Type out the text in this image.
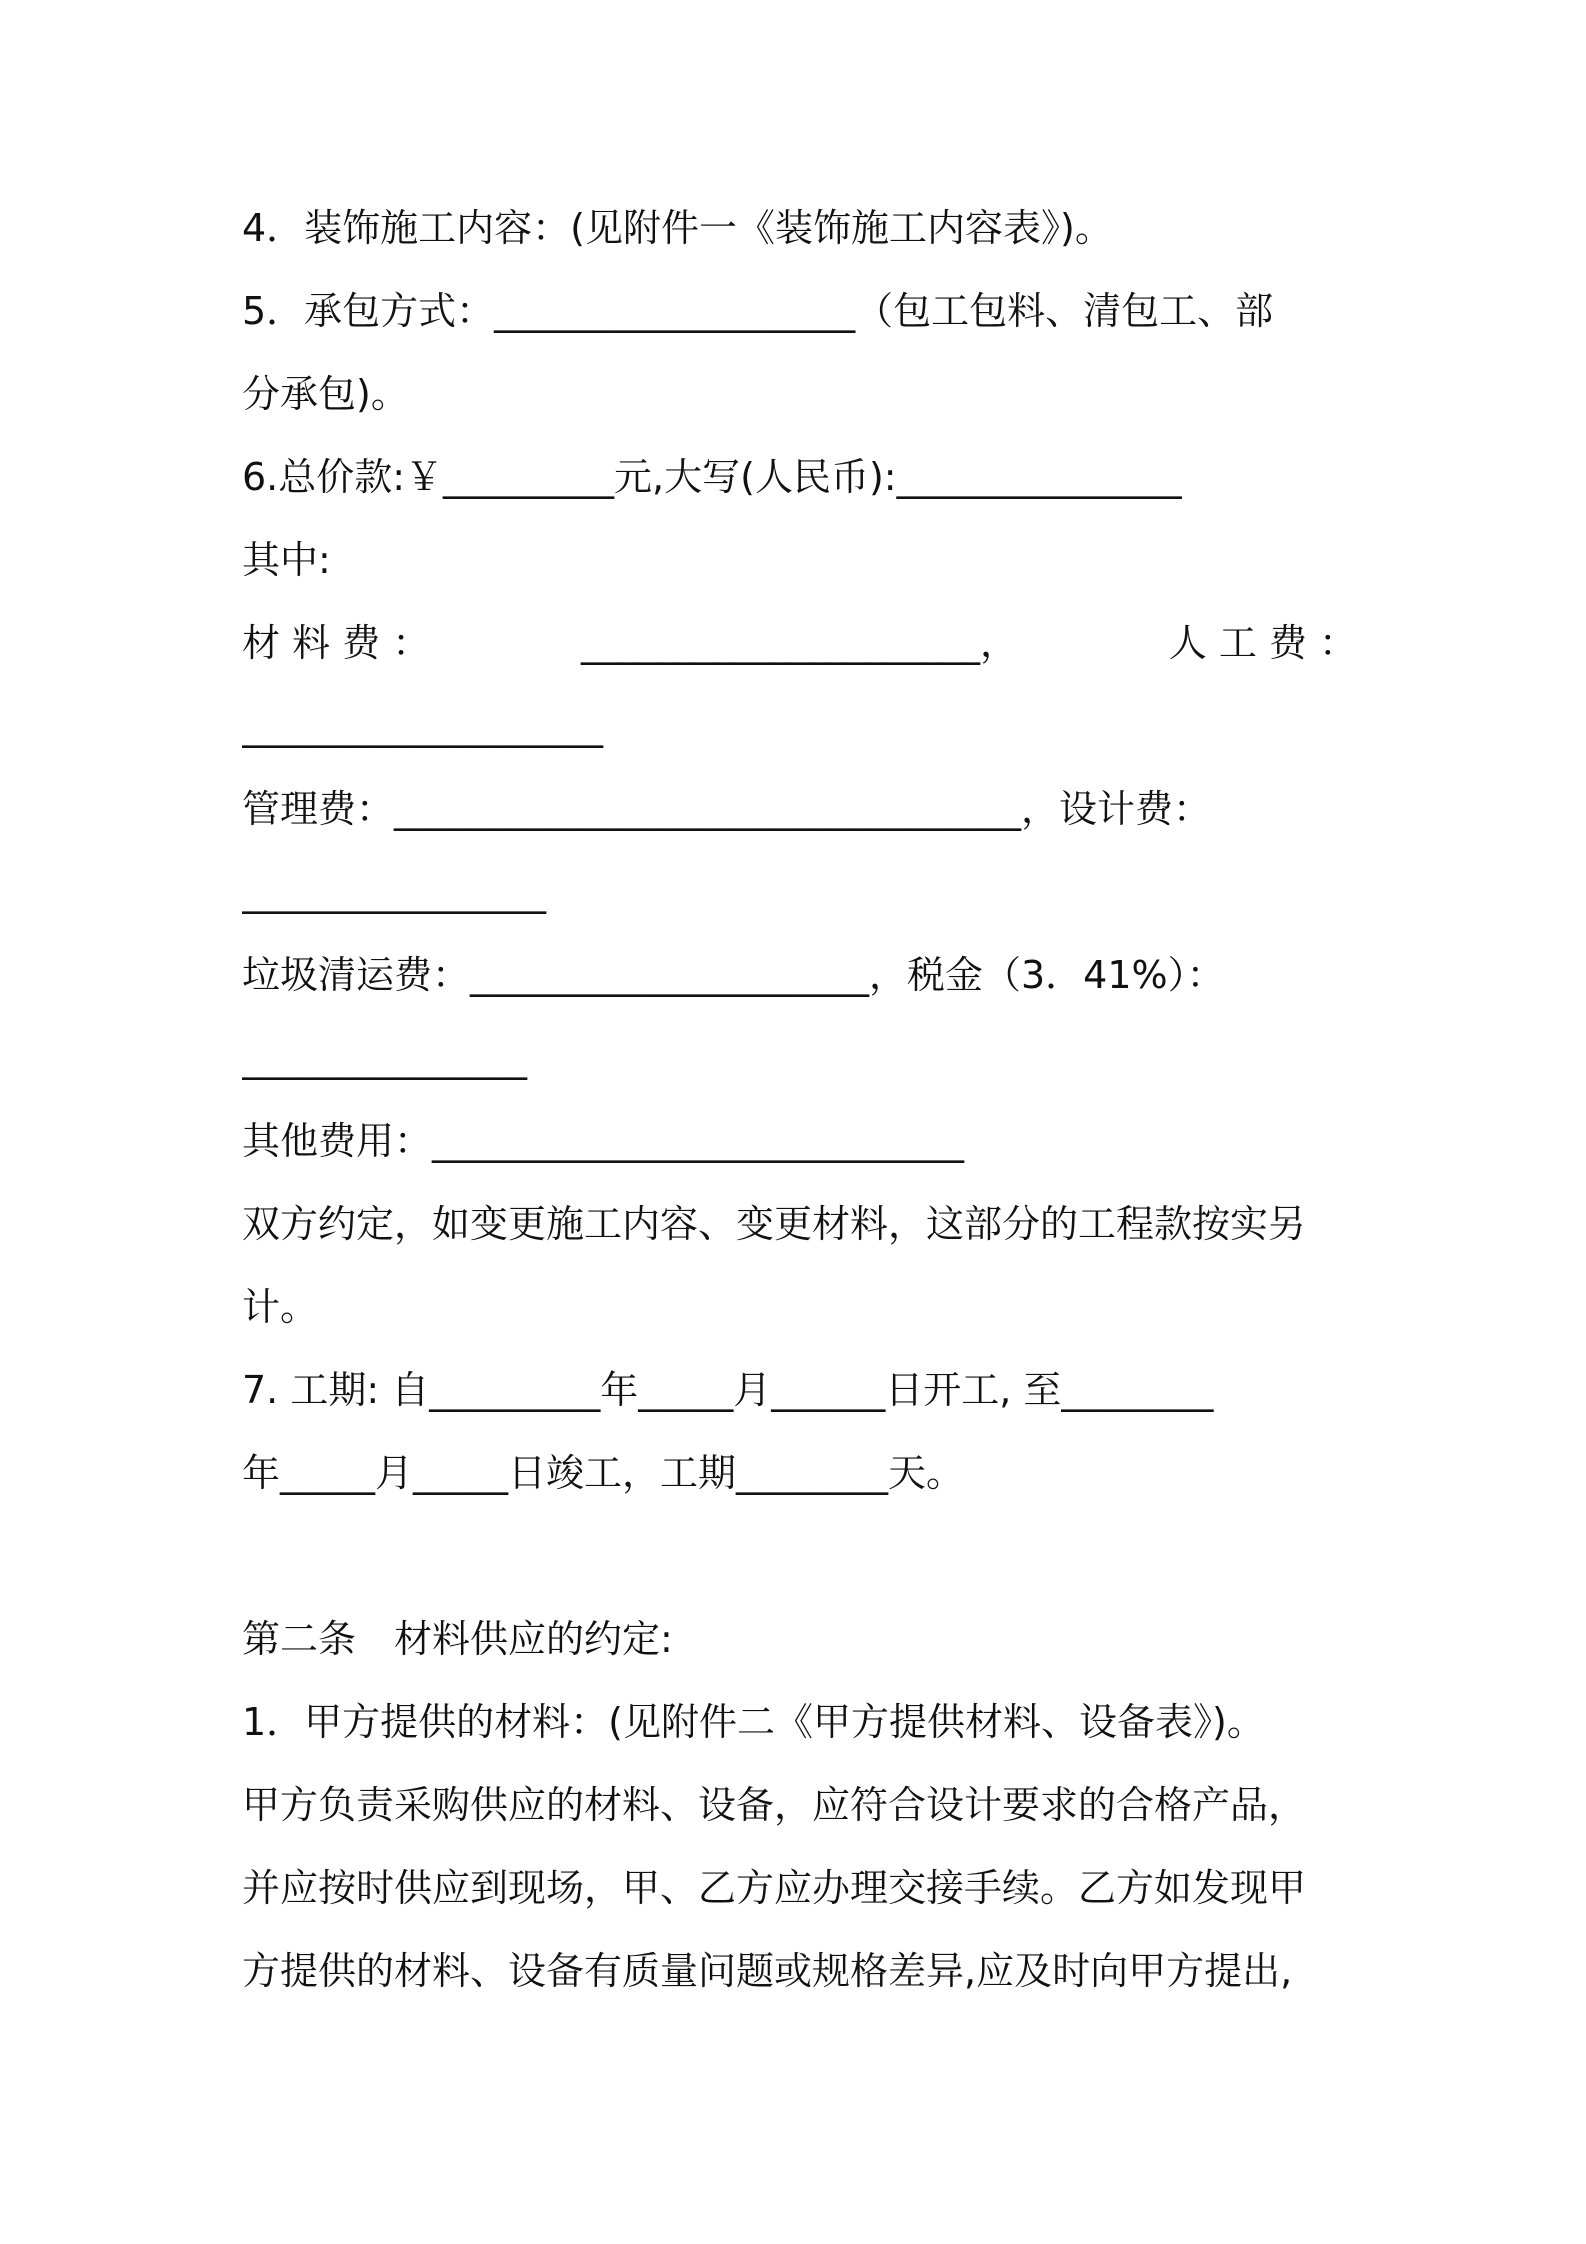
4．装饰施工内容：(见附件一《装饰施工内容表》)。
5．承包方式：___________________（包工包料、清包工、部
分承包)。
6.总价款:￥_________元,大写(人民币):_______________
其中:
材 料 费 ：	_____________________，	人 工 费 ：
___________________
管理费：_________________________________，设计费：
________________
垃圾清运费：_____________________，税金（3．41%）：
_______________
其他费用：____________________________
双方约定，如变更施工内容、变更材料，这部分的工程款按实另
计。
7. 工期: 自_________年_____月______日开工, 至________
年_____月_____日竣工，工期________天。
第二条　材料供应的约定:
1．甲方提供的材料：(见附件二《甲方提供材料、设备表》)。
甲方负责采购供应的材料、设备，应符合设计要求的合格产品，
并应按时供应到现场，甲、乙方应办理交接手续。乙方如发现甲
方提供的材料、设备有质量问题或规格差异,应及时向甲方提出,
